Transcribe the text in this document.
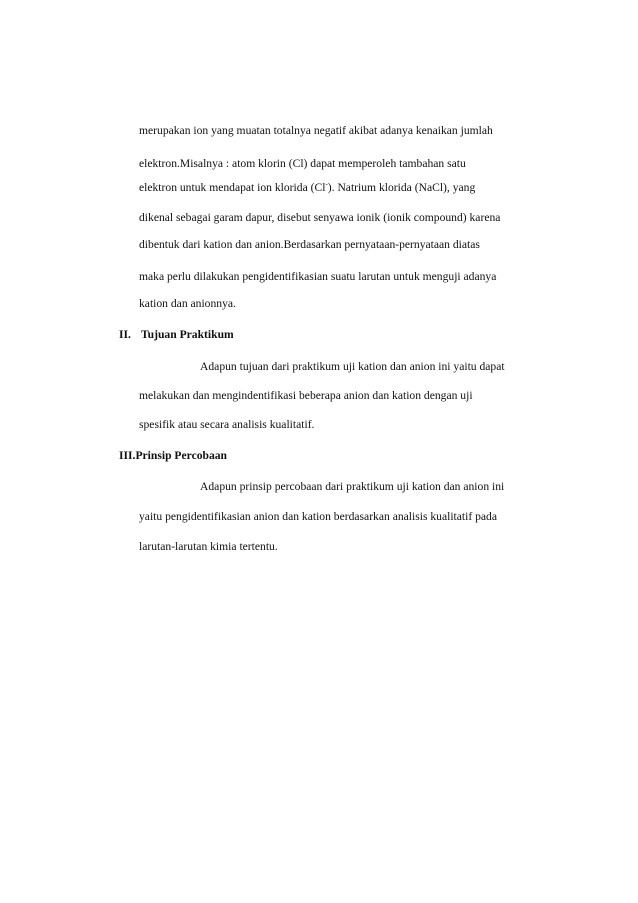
merupakan ion yang muatan totalnya negatif akibat adanya kenaikan jumlah
elektron.Misalnya : atom klorin (Cl) dapat memperoleh tambahan satu
elektron untuk mendapat ion klorida (Cl-). Natrium klorida (NaCl), yang
dikenal sebagai garam dapur, disebut senyawa ionik (ionik compound) karena
dibentuk dari kation dan anion.Berdasarkan pernyataan-pernyataan diatas
maka perlu dilakukan pengidentifikasian suatu larutan untuk menguji adanya
kation dan anionnya.
II. Tujuan Praktikum
Adapun tujuan dari praktikum uji kation dan anion ini yaitu dapat
melakukan dan mengindentifikasi beberapa anion dan kation dengan uji
spesifik atau secara analisis kualitatif.
III.Prinsip Percobaan
Adapun prinsip percobaan dari praktikum uji kation dan anion ini
yaitu pengidentifikasian anion dan kation berdasarkan analisis kualitatif pada
larutan-larutan kimia tertentu.
